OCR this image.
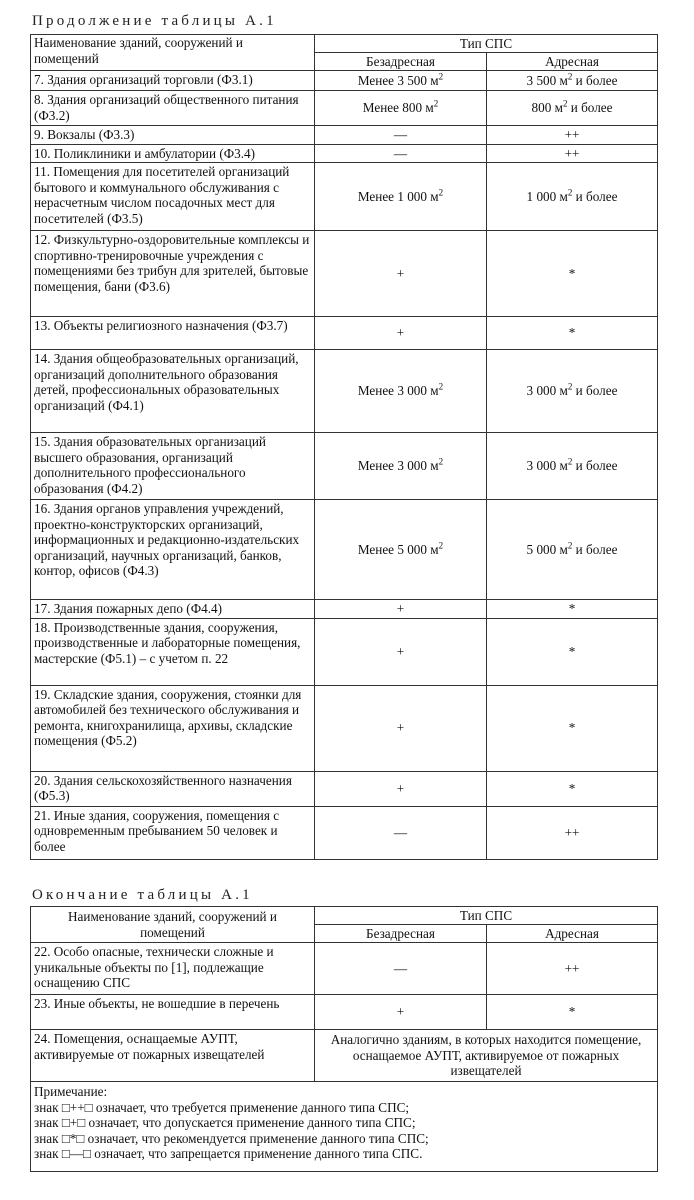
Продолжение таблицы А.1
Наименование зданий, сооружений и помещений	Тип СПС	
	Безадресная	Адресная
7. Здания организаций торговли (Ф3.1)	Менее 3 500 $м^2$	3 500 $м^2$ и более
8. Здания организаций общественного питания (Ф3.2)	Менее 800 $м^2$	800 $м^2$ и более
9. Вокзалы (Ф3.3)	—	++
10. Поликлиники и амбулатории (Ф3.4)	—	++
11. Помещения для посетителей организаций бытового и коммунального обслуживания с нерасчетным числом посадочных мест для посетителей (Ф3.5)	Менее 1 000 $м^2$	1 000 $м^2$ и более
12. Физкультурно-оздоровительные комплексы и спортивно-тренировочные учреждения с помещениями без трибун для зрителей, бытовые помещения, бани (Ф3.6)	+	*
13. Объекты религиозного назначения (Ф3.7)	+	*
14. Здания общеобразовательных организаций, организаций дополнительного образования детей, профессиональных образовательных организаций (Ф4.1)	Менее 3 000 $м^2$	3 000 $м^2$ и более
15. Здания образовательных организаций высшего образования, организаций дополнительного профессионального образования (Ф4.2)	Менее 3 000 $м^2$	3 000 $м^2$ и более
16. Здания органов управления учреждений, проектно-конструкторских организаций, информационных и редакционно-издательских организаций, научных организаций, банков, контор, офисов (Ф4.3)	Менее 5 000 $м^2$	5 000 $м^2$ и более
17. Здания пожарных депо (Ф4.4)	+	*
18. Производственные здания, сооружения, производственные и лабораторные помещения, мастерские (Ф5.1) – с учетом п. 22	+	*
19. Складские здания, сооружения, стоянки для автомобилей без технического обслуживания и ремонта, книгохранилища, архивы, складские помещения (Ф5.2)	+	*
20. Здания сельскохозяйственного назначения (Ф5.3)	+	*
21. Иные здания, сооружения, помещения с одновременным пребыванием 50 человек и более	—	++
Окончание таблицы А.1
Наименование зданий, сооружений и помещений	Тип СПС	
	Безадресная	Адресная
22. Особо опасные, технически сложные и уникальные объекты по [1], подлежащие оснащению СПС	—	++
23. Иные объекты, не вошедшие в перечень	+	*
24. Помещения, оснащаемые АУПТ, активируемые от пожарных извещателей	Аналогично зданиям, в которых находится помещение, оснащаемое АУПТ, активируемое от пожарных извещателей	

Примечание:
знак □++□ означает, что требуется применение данного типа СПС;
знак □+□ означает, что допускается применение данного типа СПС;
знак □*□ означает, что рекомендуется применение данного типа СПС;
знак □—□ означает, что запрещается применение данного типа СПС.		
